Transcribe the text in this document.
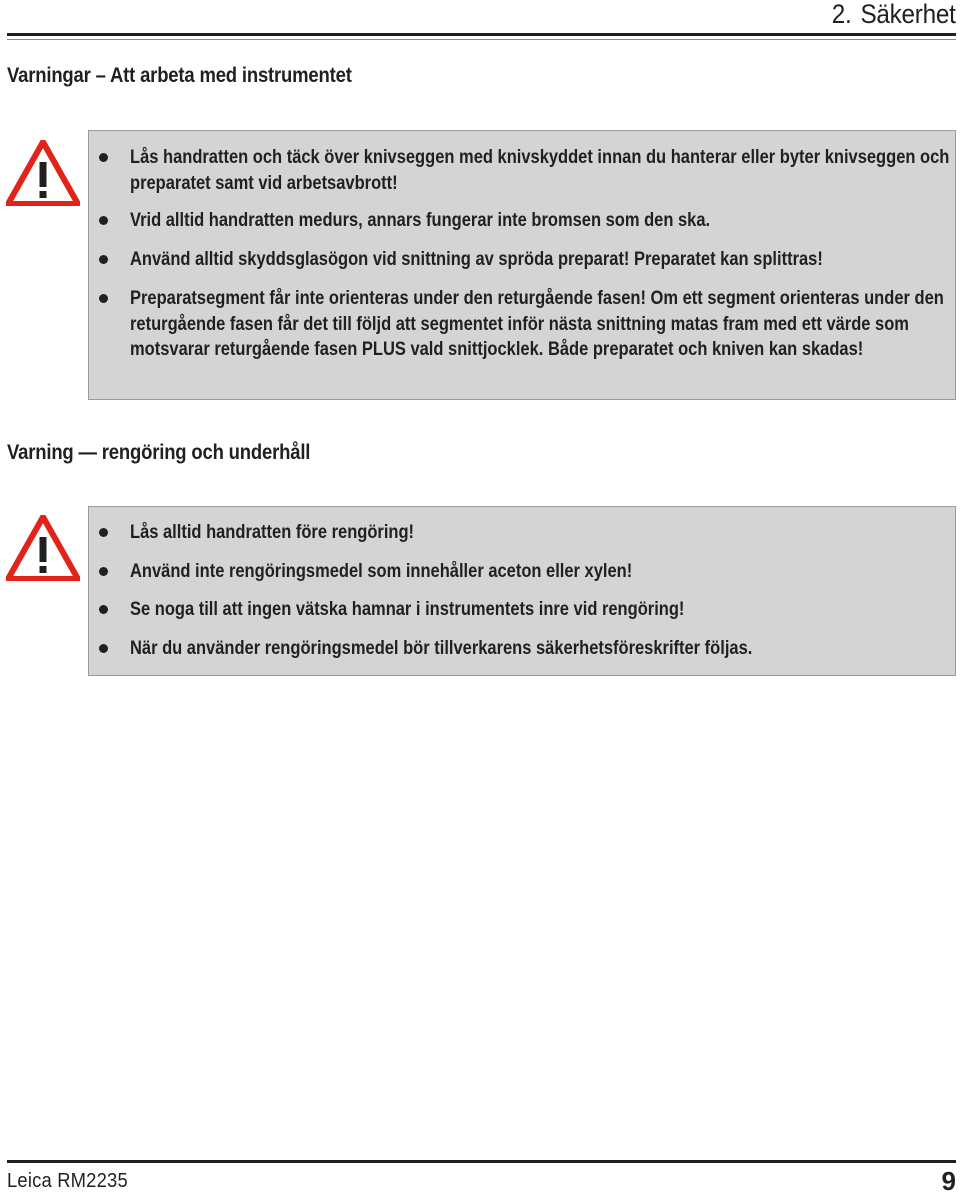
2. Säkerhet
Varningar – Att arbeta med instrumentet
Lås handratten och täck över knivseggen med knivskyddet innan du hanterar eller byter knivseggen och preparatet samt vid arbetsavbrott!
Vrid alltid handratten medurs, annars fungerar inte bromsen som den ska.
Använd alltid skyddsglasögon vid snittning av spröda preparat! Preparatet kan splittras!
Preparatsegment får inte orienteras under den returgående fasen! Om ett segment orienteras under den returgående fasen får det till följd att segmentet inför nästa snittning matas fram med ett värde som motsvarar returgående fasen PLUS vald snittjocklek. Både preparatet och kniven kan skadas!
Varning — rengöring och underhåll
Lås alltid handratten före rengöring!
Använd inte rengöringsmedel som innehåller aceton eller xylen!
Se noga till att ingen vätska hamnar i instrumentets inre vid rengöring!
När du använder rengöringsmedel bör tillverkarens säkerhetsföreskrifter följas.
Leica RM2235	9
